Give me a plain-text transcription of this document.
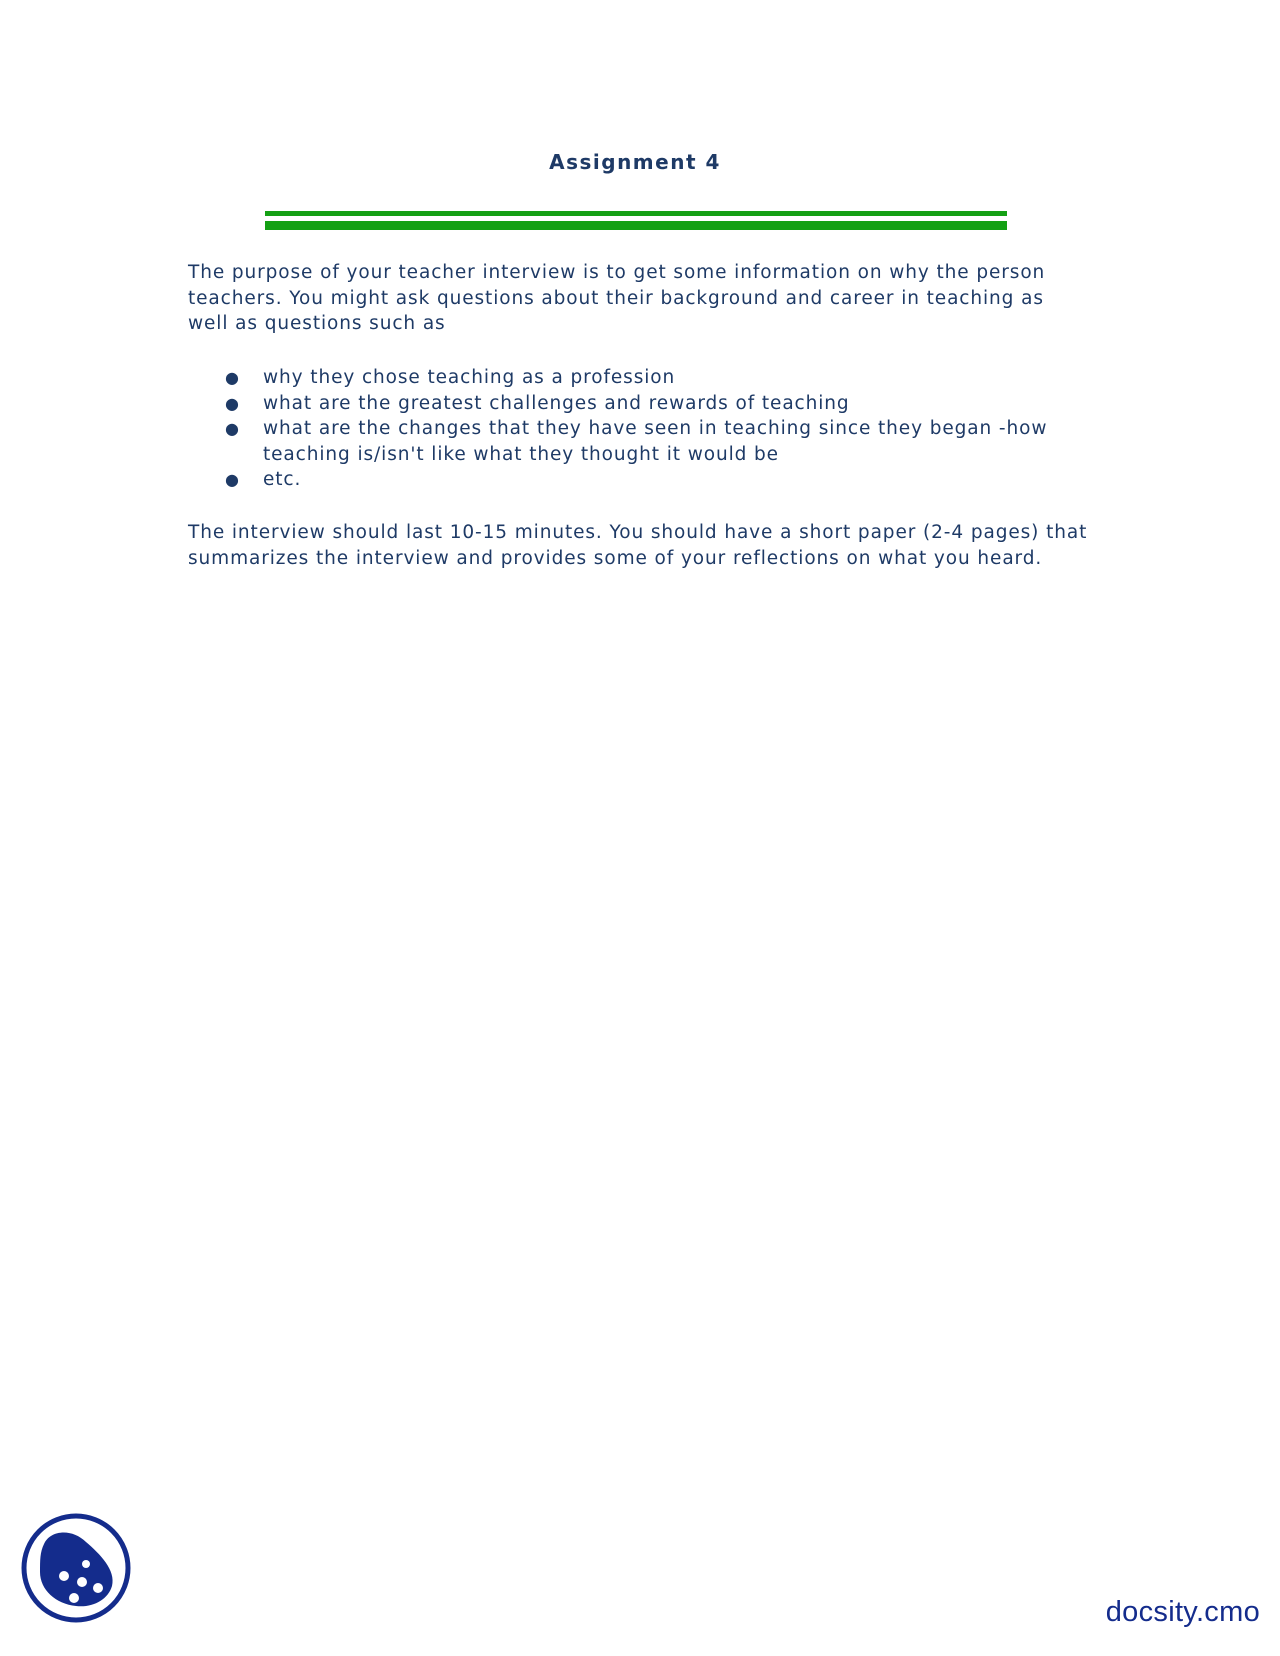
Assignment 4

The purpose of your teacher interview is to get some information on why the person teachers. You might ask questions about their background and career in teaching as well as questions such as

● why they chose teaching as a profession
● what are the greatest challenges and rewards of teaching
● what are the changes that they have seen in teaching since they began -how teaching is/isn't like what they thought it would be
● etc.

The interview should last 10-15 minutes. You should have a short paper (2-4 pages) that summarizes the interview and provides some of your reflections on what you heard.

docsity.cmo
